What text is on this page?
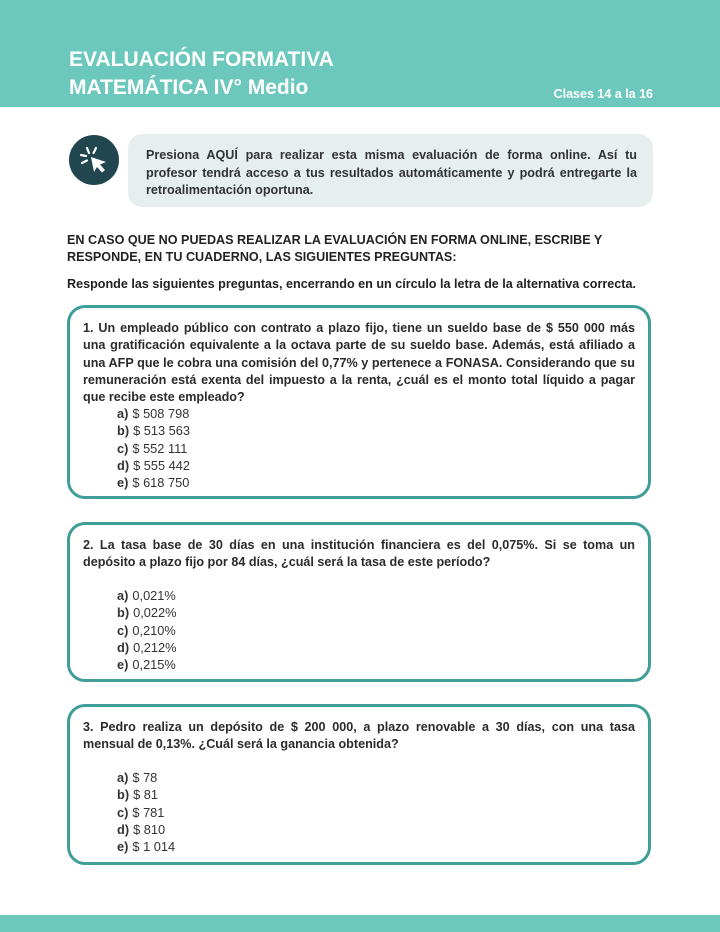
EVALUACIÓN FORMATIVA
MATEMÁTICA IV° Medio	Clases 14 a la 16

Presiona AQUÍ para realizar esta misma evaluación de forma online. Así tu profesor tendrá acceso a tus resultados automáticamente y podrá entregarte la retroalimentación oportuna.

EN CASO QUE NO PUEDAS REALIZAR LA EVALUACIÓN EN FORMA ONLINE, ESCRIBE Y RESPONDE, EN TU CUADERNO, LAS SIGUIENTES PREGUNTAS:
Responde las siguientes preguntas, encerrando en un círculo la letra de la alternativa correcta.

1. Un empleado público con contrato a plazo fijo, tiene un sueldo base de $ 550 000 más una gratificación equivalente a la octava parte de su sueldo base. Además, está afiliado a una AFP que le cobra una comisión del 0,77% y pertenece a FONASA. Considerando que su remuneración está exenta del impuesto a la renta, ¿cuál es el monto total líquido a pagar que recibe este empleado?

a) $ 508 798
b) $ 513 563
c) $ 552 111
d) $ 555 442
e) $ 618 750

2. La tasa base de 30 días en una institución financiera es del 0,075%. Si se toma un depósito a plazo fijo por 84 días, ¿cuál será la tasa de este período?

a) 0,021%
b) 0,022%
c) 0,210%
d) 0,212%
e) 0,215%

3. Pedro realiza un depósito de $ 200 000, a plazo renovable a 30 días, con una tasa mensual de 0,13%. ¿Cuál será la ganancia obtenida?

a) $ 78
b) $ 81
c) $ 781
d) $ 810
e) $ 1 014
